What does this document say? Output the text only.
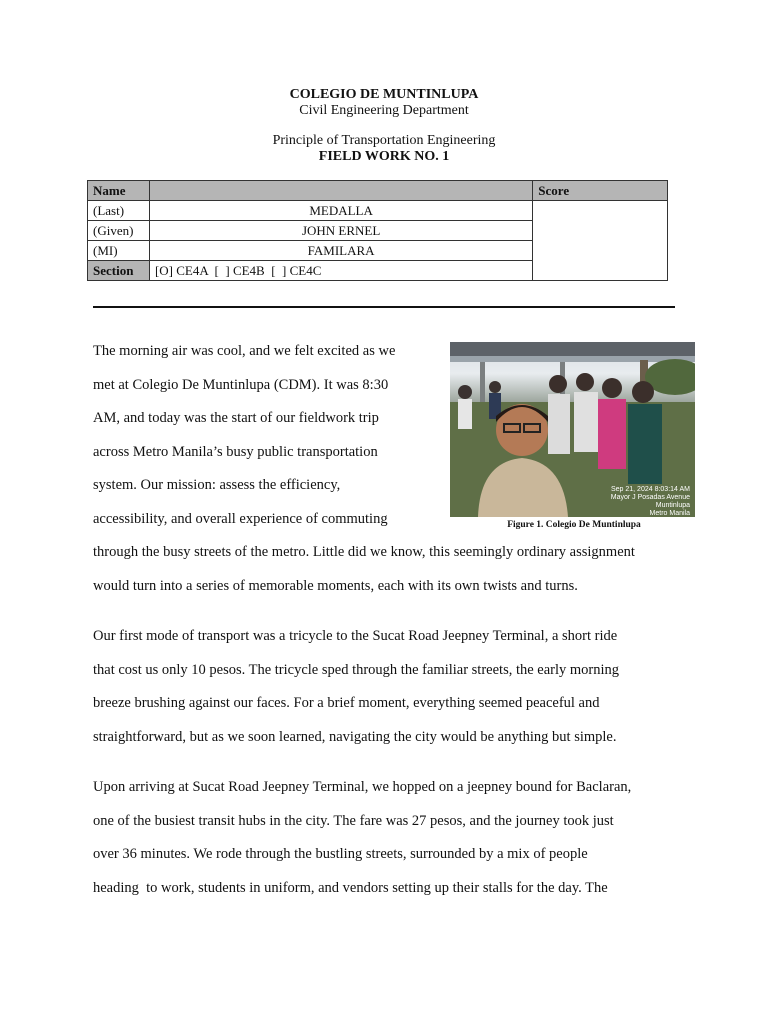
COLEGIO DE MUNTINLUPA
Civil Engineering Department
Principle of Transportation Engineering
FIELD WORK NO. 1
Name		Score
(Last)	MEDALLA	
(Given)	JOHN ERNEL	
(MI)	FAMILARA	
Section	[O] CE4A  [  ] CE4B  [  ] CE4C	
The morning air was cool, and we felt excited as we
met at Colegio De Muntinlupa (CDM). It was 8:30
AM, and today was the start of our fieldwork trip
across Metro Manila’s busy public transportation
system. Our mission: assess the efficiency,
accessibility, and overall experience of commuting
Sep 21, 2024 8:03:14 AM
Mayor J Posadas Avenue
Muntinlupa
Metro Manila
Figure 1. Colegio De Muntinlupa
through the busy streets of the metro. Little did we know, this seemingly ordinary assignment
would turn into a series of memorable moments, each with its own twists and turns.
Our first mode of transport was a tricycle to the Sucat Road Jeepney Terminal, a short ride
that cost us only 10 pesos. The tricycle sped through the familiar streets, the early morning
breeze brushing against our faces. For a brief moment, everything seemed peaceful and
straightforward, but as we soon learned, navigating the city would be anything but simple.
Upon arriving at Sucat Road Jeepney Terminal, we hopped on a jeepney bound for Baclaran,
one of the busiest transit hubs in the city. The fare was 27 pesos, and the journey took just
over 36 minutes. We rode through the bustling streets, surrounded by a mix of people
heading  to work, students in uniform, and vendors setting up their stalls for the day. The
